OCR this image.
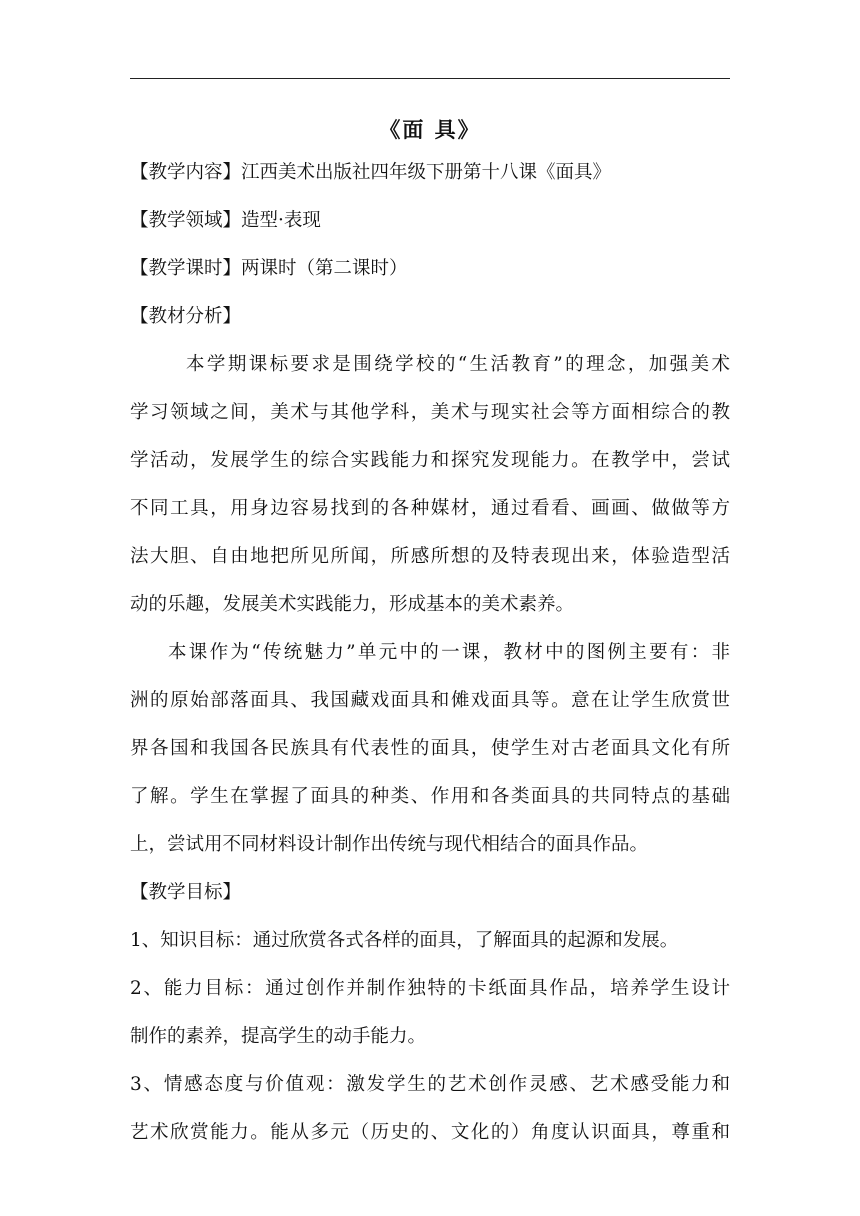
《面 具》
【教学内容】江西美术出版社四年级下册第十八课《面具》
【教学领域】造型·表现
【教学课时】两课时（第二课时）
【教材分析】
本学期课标要求是围绕学校的“生活教育”的理念，加强美术
学习领域之间，美术与其他学科，美术与现实社会等方面相综合的教
学活动，发展学生的综合实践能力和探究发现能力。在教学中，尝试
不同工具，用身边容易找到的各种媒材，通过看看、画画、做做等方
法大胆、自由地把所见所闻，所感所想的及特表现出来，体验造型活
动的乐趣，发展美术实践能力，形成基本的美术素养。
本课作为“传统魅力”单元中的一课，教材中的图例主要有：非
洲的原始部落面具、我国藏戏面具和傩戏面具等。意在让学生欣赏世
界各国和我国各民族具有代表性的面具，使学生对古老面具文化有所
了解。学生在掌握了面具的种类、作用和各类面具的共同特点的基础
上，尝试用不同材料设计制作出传统与现代相结合的面具作品。
【教学目标】
1、知识目标：通过欣赏各式各样的面具，了解面具的起源和发展。
2、能力目标：通过创作并制作独特的卡纸面具作品，培养学生设计
制作的素养，提高学生的动手能力。
3、情感态度与价值观：激发学生的艺术创作灵感、艺术感受能力和
艺术欣赏能力。能从多元（历史的、文化的）角度认识面具，尊重和
